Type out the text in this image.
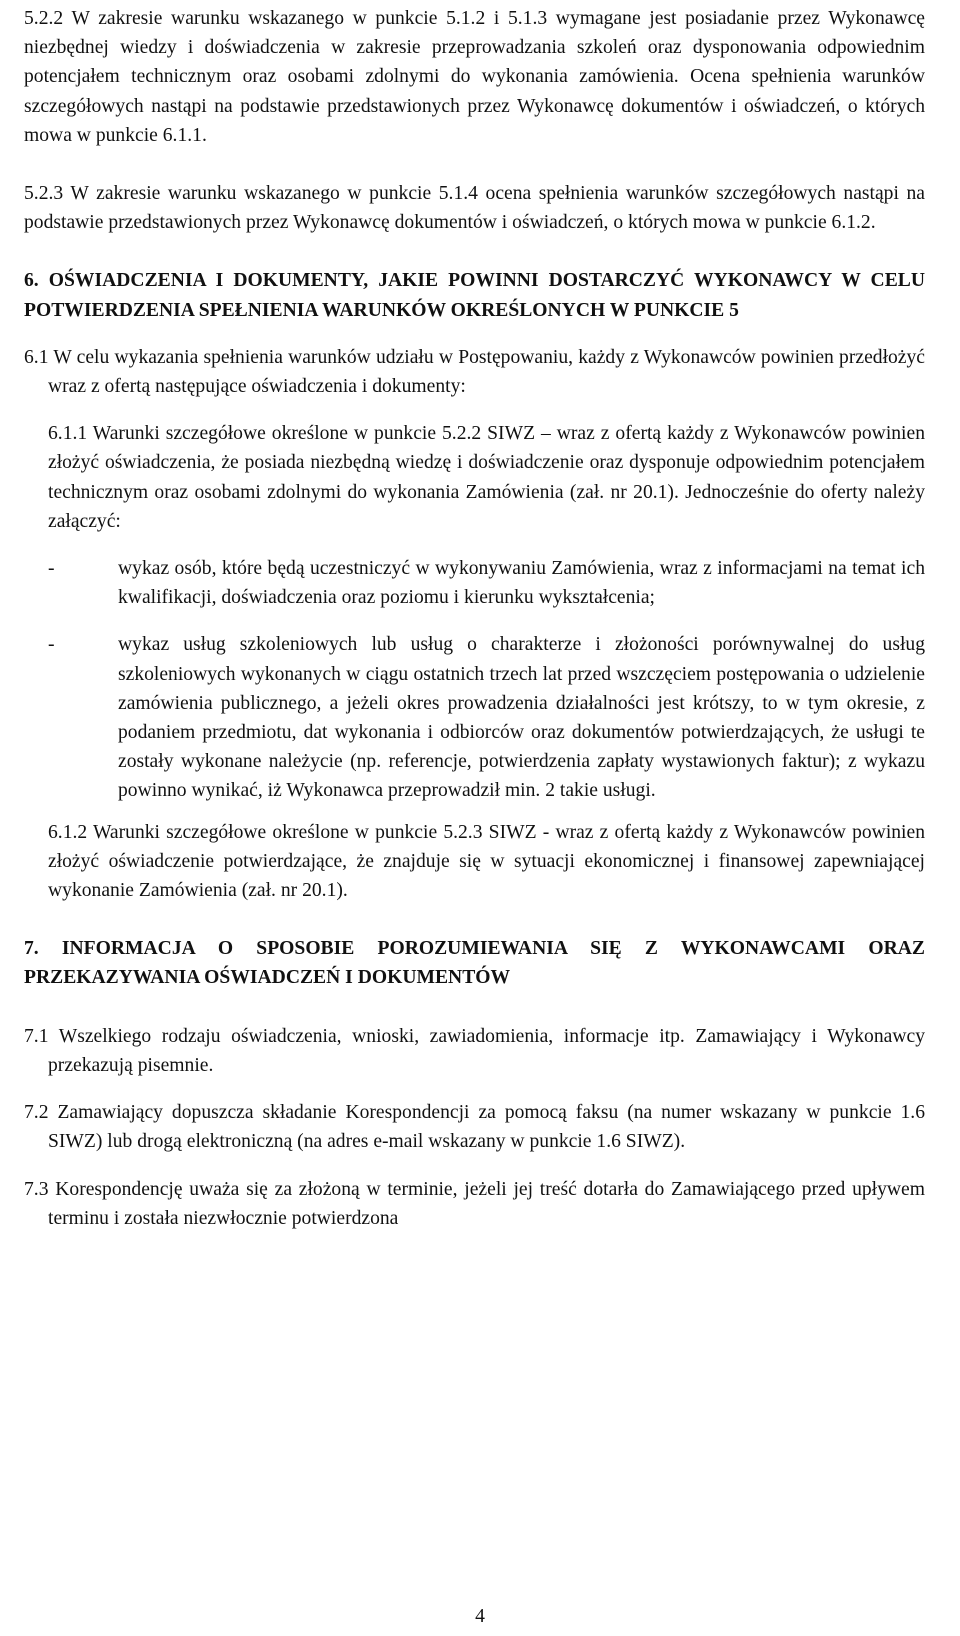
5.2.2 W zakresie warunku wskazanego w punkcie 5.1.2 i 5.1.3 wymagane jest posiadanie przez Wykonawcę niezbędnej wiedzy i doświadczenia w zakresie przeprowadzania szkoleń oraz dysponowania odpowiednim potencjałem technicznym oraz osobami zdolnymi do wykonania zamówienia. Ocena spełnienia warunków szczegółowych nastąpi na podstawie przedstawionych przez Wykonawcę dokumentów i oświadczeń, o których mowa w punkcie 6.1.1.

5.2.3 W zakresie warunku wskazanego w punkcie 5.1.4 ocena spełnienia warunków szczegółowych nastąpi na podstawie przedstawionych przez Wykonawcę dokumentów i oświadczeń, o których mowa w punkcie 6.1.2.

6. OŚWIADCZENIA I DOKUMENTY, JAKIE POWINNI DOSTARCZYĆ WYKONAWCY W CELU POTWIERDZENIA SPEŁNIENIA WARUNKÓW OKREŚLONYCH W PUNKCIE 5

6.1 W celu wykazania spełnienia warunków udziału w Postępowaniu, każdy z Wykonawców powinien przedłożyć wraz z ofertą następujące oświadczenia i dokumenty:

6.1.1 Warunki szczegółowe określone w punkcie 5.2.2 SIWZ – wraz z ofertą każdy z Wykonawców powinien złożyć oświadczenia, że posiada niezbędną wiedzę i doświadczenie oraz dysponuje odpowiednim potencjałem technicznym oraz osobami zdolnymi do wykonania Zamówienia (zał. nr 20.1). Jednocześnie do oferty należy załączyć:

-	wykaz osób, które będą uczestniczyć w wykonywaniu Zamówienia, wraz z informacjami na temat ich kwalifikacji, doświadczenia oraz poziomu i kierunku wykształcenia;
-	wykaz usług szkoleniowych lub usług o charakterze i złożoności porównywalnej do usług szkoleniowych wykonanych w ciągu ostatnich trzech lat przed wszczęciem postępowania o udzielenie zamówienia publicznego, a jeżeli okres prowadzenia działalności jest krótszy, to w tym okresie, z podaniem przedmiotu, dat wykonania i odbiorców oraz dokumentów potwierdzających, że usługi te zostały wykonane należycie (np. referencje, potwierdzenia zapłaty wystawionych faktur); z wykazu powinno wynikać, iż Wykonawca przeprowadził min. 2 takie usługi.

6.1.2 Warunki szczegółowe określone w punkcie 5.2.3 SIWZ - wraz z ofertą każdy z Wykonawców powinien złożyć oświadczenie potwierdzające, że znajduje się w sytuacji ekonomicznej i finansowej zapewniającej wykonanie Zamówienia (zał. nr 20.1).

7. INFORMACJA O SPOSOBIE POROZUMIEWANIA SIĘ Z WYKONAWCAMI ORAZ PRZEKAZYWANIA OŚWIADCZEŃ I DOKUMENTÓW

7.1 Wszelkiego rodzaju oświadczenia, wnioski, zawiadomienia, informacje itp. Zamawiający i Wykonawcy przekazują pisemnie.

7.2 Zamawiający dopuszcza składanie Korespondencji za pomocą faksu (na numer wskazany w punkcie 1.6 SIWZ) lub drogą elektroniczną (na adres e-mail wskazany w punkcie 1.6 SIWZ).

7.3 Korespondencję uważa się za złożoną w terminie, jeżeli jej treść dotarła do Zamawiającego przed upływem terminu i została niezwłocznie potwierdzona

4
